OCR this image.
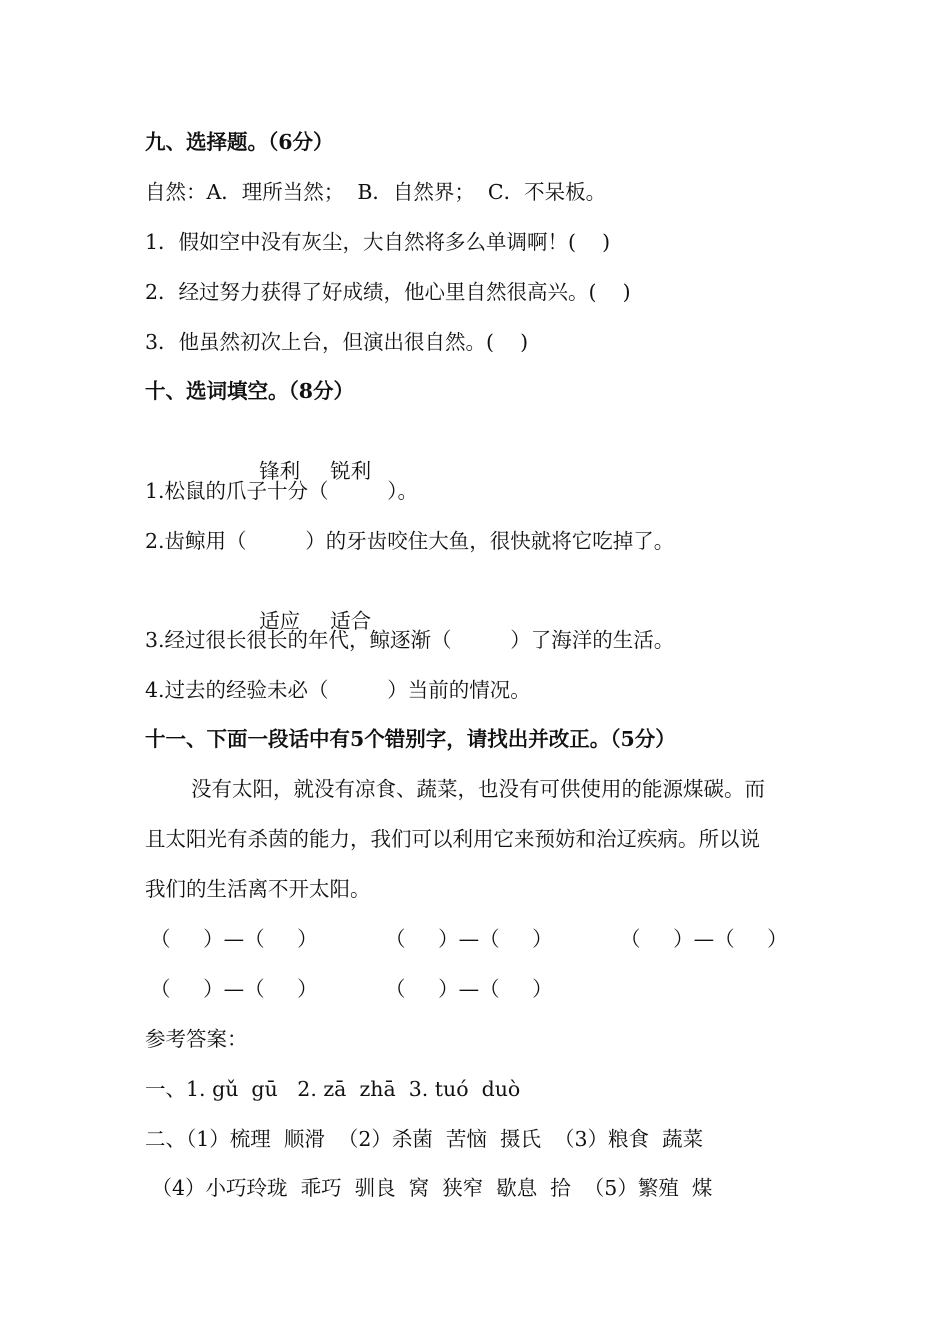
九、选择题。（6分）
自然：A．理所当然；  B．自然界；  C．不呆板。
1．假如空中没有灰尘，大自然将多么单调啊！(    )
2．经过努力获得了好成绩，他心里自然很高兴。(    )
3．他虽然初次上台，但演出很自然。(    )
十、选词填空。（8分）

锋利 锐利

1.松鼠的爪子十分（         ）。
2.齿鲸用（         ）的牙齿咬住大鱼，很快就将它吃掉了。

适应 适合

3.经过很长很长的年代，鲸逐渐（         ）了海洋的生活。
4.过去的经验未必（         ）当前的情况。
十一、下面一段话中有5个错别字，请找出并改正。（5分）
没有太阳，就没有凉食、蔬菜，也没有可供使用的能源煤碳。而
且太阳光有杀茵的能力，我们可以利用它来预妨和治辽疾病。所以说
我们的生活离不开太阳。
（     ）—（     ）	（     ）—（     ）	（     ）—（     ）
（     ）—（     ）	（     ）—（     ）
参考答案：
一、1. gǔ  gū   2. zā  zhā  3. tuó  duò
二、（1）梳理  顺滑  （2）杀菌  苦恼  摄氏  （3）粮食  蔬菜
（4）小巧玲珑  乖巧  驯良  窝  狭窄  歇息  拾  （5）繁殖  煤
